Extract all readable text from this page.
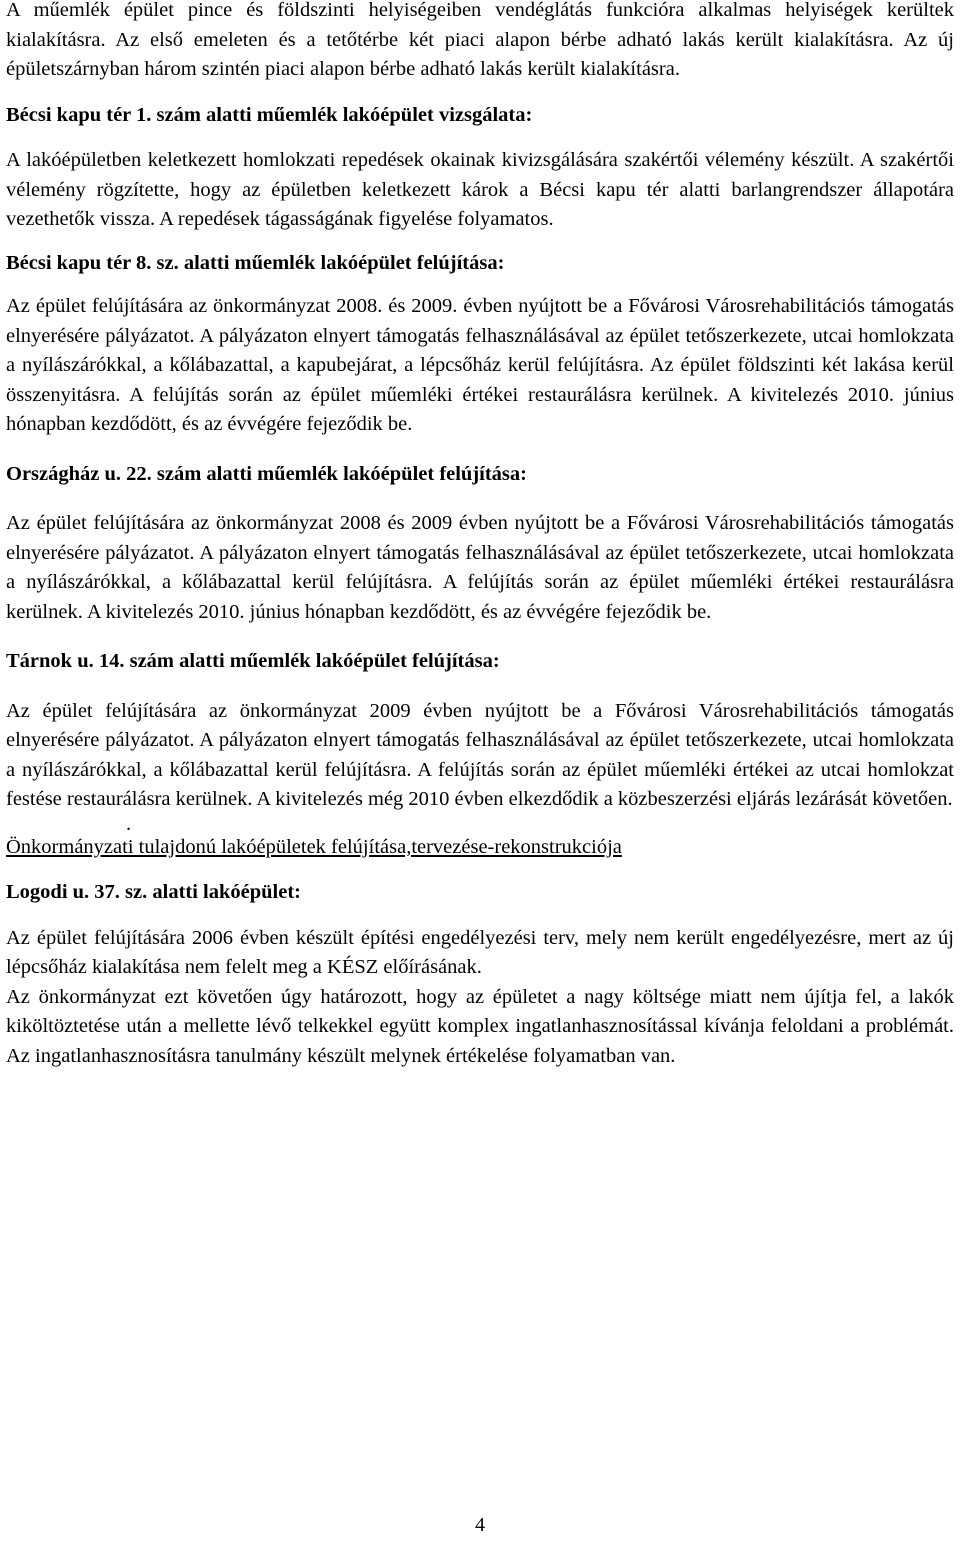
A műemlék épület pince és földszinti helyiségeiben vendéglátás funkcióra alkalmas helyiségek kerültek kialakításra. Az első emeleten és a tetőtérbe két piaci alapon bérbe adható lakás került kialakításra. Az új épületszárnyban három szintén piaci alapon bérbe adható lakás került kialakításra.

Bécsi kapu tér 1. szám alatti műemlék lakóépület vizsgálata:

A lakóépületben keletkezett homlokzati repedések okainak kivizsgálására szakértői vélemény készült. A szakértői vélemény rögzítette, hogy az épületben keletkezett károk a Bécsi kapu tér alatti barlangrendszer állapotára vezethetők vissza. A repedések tágasságának figyelése folyamatos.

Bécsi kapu tér 8. sz. alatti műemlék lakóépület felújítása:

Az épület felújítására az önkormányzat 2008. és 2009. évben nyújtott be a Fővárosi Városrehabilitációs támogatás elnyerésére pályázatot. A pályázaton elnyert támogatás felhasználásával az épület tetőszerkezete, utcai homlokzata a nyílászárókkal, a kőlábazattal, a kapubejárat, a lépcsőház kerül felújításra. Az épület földszinti két lakása kerül összenyitásra. A felújítás során az épület műemléki értékei restaurálásra kerülnek. A kivitelezés 2010. június hónapban kezdődött, és az évvégére fejeződik be.

Országház u. 22. szám alatti műemlék lakóépület felújítása:

Az épület felújítására az önkormányzat 2008 és 2009 évben nyújtott be a Fővárosi Városrehabilitációs támogatás elnyerésére pályázatot. A pályázaton elnyert támogatás felhasználásával az épület tetőszerkezete, utcai homlokzata a nyílászárókkal, a kőlábazattal kerül felújításra. A felújítás során az épület műemléki értékei restaurálásra kerülnek. A kivitelezés 2010. június hónapban kezdődött, és az évvégére fejeződik be.

Tárnok u. 14. szám alatti műemlék lakóépület felújítása:

Az épület felújítására az önkormányzat 2009 évben nyújtott be a Fővárosi Városrehabilitációs támogatás elnyerésére pályázatot. A pályázaton elnyert támogatás felhasználásával az épület tetőszerkezete, utcai homlokzata a nyílászárókkal, a kőlábazattal kerül felújításra. A felújítás során az épület műemléki értékei az utcai homlokzat festése restaurálásra kerülnek. A kivitelezés még 2010 évben elkezdődik a közbeszerzési eljárás lezárását követően.

.

Önkormányzati tulajdonú lakóépületek felújítása,tervezése-rekonstrukciója

Logodi u. 37. sz. alatti lakóépület:

Az épület felújítására 2006 évben készült építési engedélyezési terv, mely nem került engedélyezésre, mert az új lépcsőház kialakítása nem felelt meg a KÉSZ előírásának.

Az önkormányzat ezt követően úgy határozott, hogy az épületet a nagy költsége miatt nem újítja fel, a lakók kiköltöztetése után a mellette lévő telkekkel együtt komplex ingatlanhasznosítással kívánja feloldani a problémát. Az ingatlanhasznosításra tanulmány készült melynek értékelése folyamatban van.

4
